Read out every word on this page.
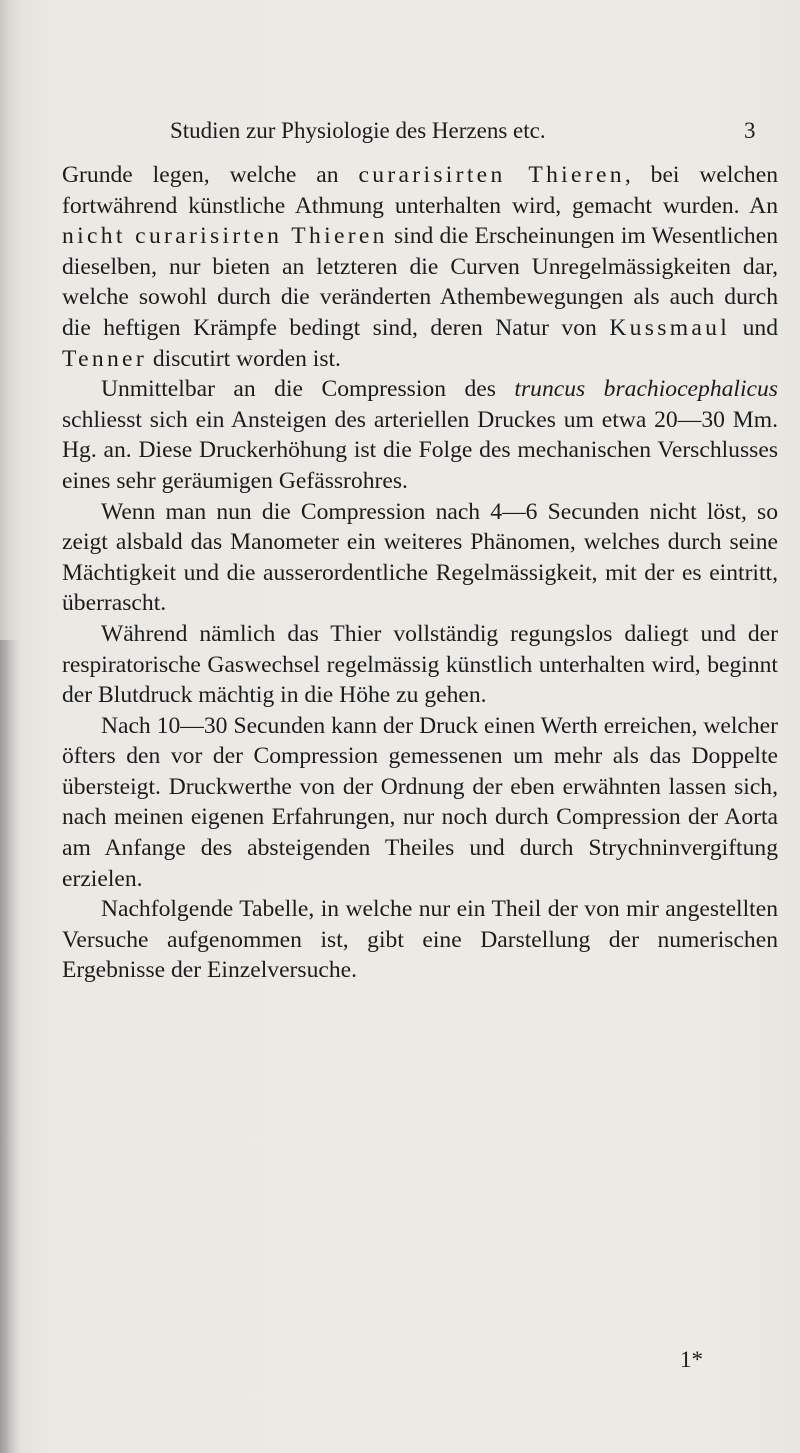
Studien zur Physiologie des Herzens etc.	3

Grunde legen, welche an curarisirten Thieren, bei welchen fortwährend künstliche Athmung unterhalten wird, gemacht wurden. An nicht curarisirten Thieren sind die Erscheinungen im Wesentlichen dieselben, nur bieten an letzteren die Curven Unregelmässigkeiten dar, welche sowohl durch die veränderten Athembewegungen als auch durch die heftigen Krämpfe bedingt sind, deren Natur von Kussmaul und Tenner discutirt worden ist.

Unmittelbar an die Compression des truncus brachiocephalicus schliesst sich ein Ansteigen des arteriellen Druckes um etwa 20—30 Mm. Hg. an. Diese Druckerhöhung ist die Folge des mechanischen Verschlusses eines sehr geräumigen Gefässrohres.

Wenn man nun die Compression nach 4—6 Secunden nicht löst, so zeigt alsbald das Manometer ein weiteres Phänomen, welches durch seine Mächtigkeit und die ausserordentliche Regelmässigkeit, mit der es eintritt, überrascht.

Während nämlich das Thier vollständig regungslos daliegt und der respiratorische Gaswechsel regelmässig künstlich unterhalten wird, beginnt der Blutdruck mächtig in die Höhe zu gehen.

Nach 10—30 Secunden kann der Druck einen Werth erreichen, welcher öfters den vor der Compression gemessenen um mehr als das Doppelte übersteigt. Druckwerthe von der Ordnung der eben erwähnten lassen sich, nach meinen eigenen Erfahrungen, nur noch durch Compression der Aorta am Anfange des absteigenden Theiles und durch Strychninvergiftung erzielen.

Nachfolgende Tabelle, in welche nur ein Theil der von mir angestellten Versuche aufgenommen ist, gibt eine Darstellung der numerischen Ergebnisse der Einzelversuche.

1*
